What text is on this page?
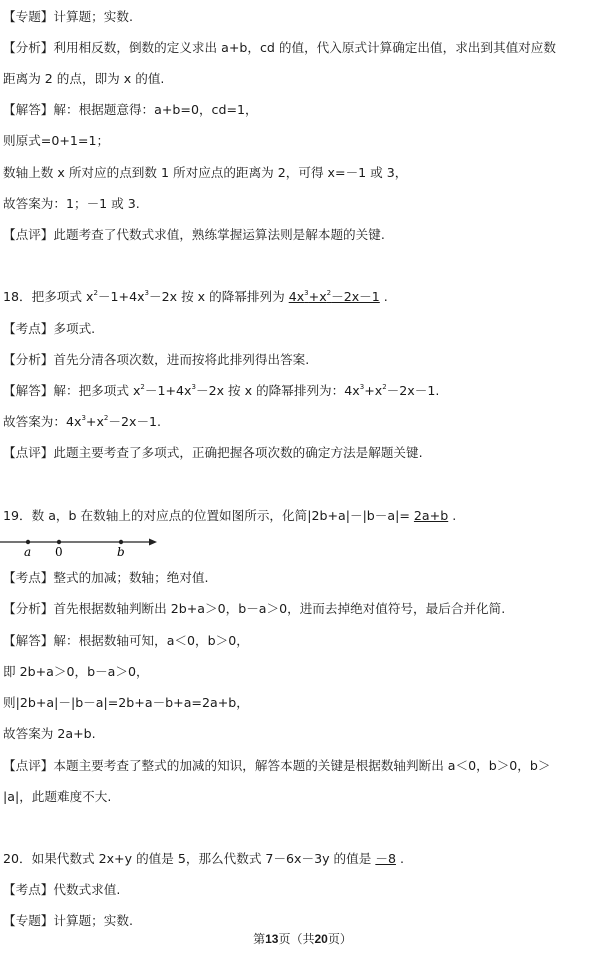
【专题】计算题；实数.
【分析】利用相反数，倒数的定义求出 a+b，cd 的值，代入原式计算确定出值，求出到其值对应数
距离为 2 的点，即为 x 的值.
【解答】解：根据题意得：a+b=0，cd=1，
则原式=0+1=1；
数轴上数 x 所对应的点到数 1 所对应点的距离为 2，可得 x=－1 或 3，
故答案为：1；－1 或 3.
【点评】此题考查了代数式求值，熟练掌握运算法则是解本题的关键.
18．把多项式 $x^2-1+4x^3-2x$ 按 x 的降幂排列为 $4x^3+x^2-2x-1$ .
【考点】多项式.
【分析】首先分清各项次数，进而按将此排列得出答案.
【解答】解：把多项式 $x^2-1+4x^3-2x$ 按 x 的降幂排列为：$4x^3+x^2-2x-1$.
故答案为：$4x^3+x^2-2x-1$.
【点评】此题主要考查了多项式，正确把握各项次数的确定方法是解题关键.
19．数 a，b 在数轴上的对应点的位置如图所示，化简|2b+a|－|b－a|= 2a+b .
a 0	b
【考点】整式的加减；数轴；绝对值.
【分析】首先根据数轴判断出 2b+a＞0，b－a＞0，进而去掉绝对值符号，最后合并化简.
【解答】解：根据数轴可知，a＜0，b＞0，
即 2b+a＞0，b－a＞0，
则|2b+a|－|b－a|=2b+a－b+a=2a+b，
故答案为 2a+b.
【点评】本题主要考查了整式的加减的知识，解答本题的关键是根据数轴判断出 a＜0，b＞0，b＞
|a|，此题难度不大.
20．如果代数式 2x+y 的值是 5，那么代数式 7－6x－3y 的值是 －8 .
【考点】代数式求值.
【专题】计算题；实数.
第13页（共20页）
